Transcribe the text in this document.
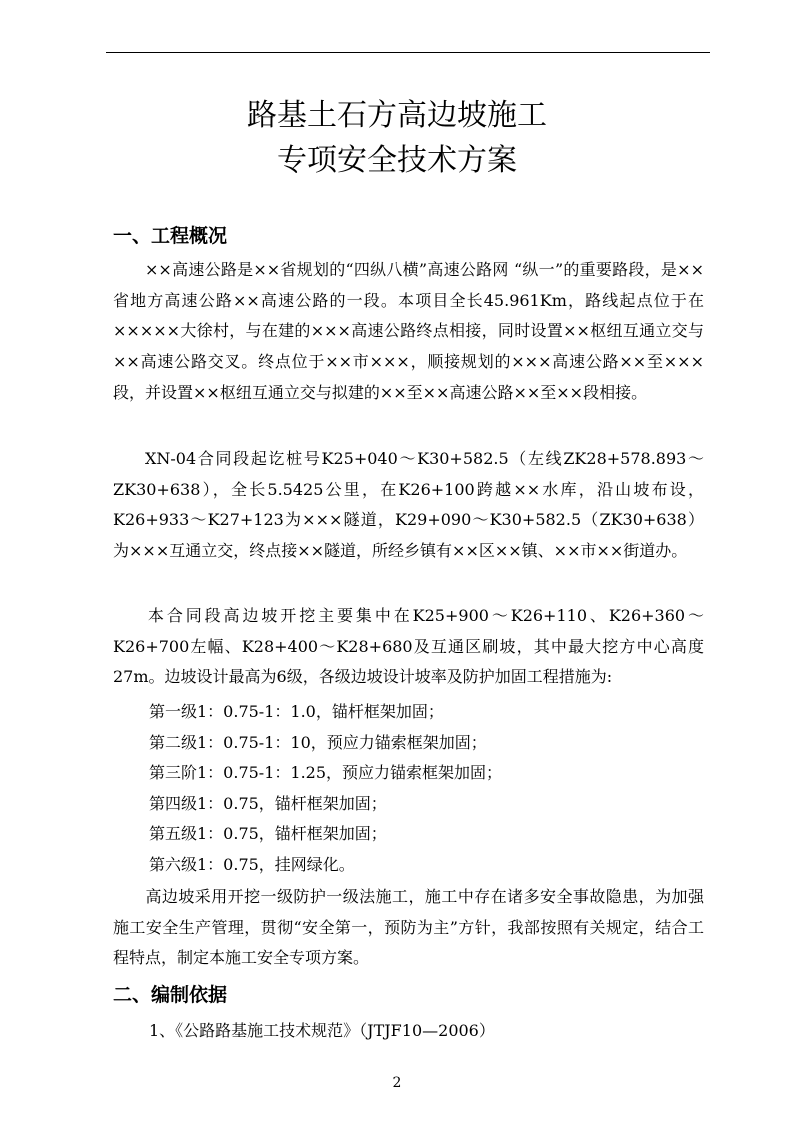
路基土石方高边坡施工
专项安全技术方案
一、工程概况

××高速公路是××省规划的“四纵八横”高速公路网 “纵一”的重要路段，是××省地方高速公路××高速公路的一段。本项目全长45.961Km，路线起点位于在×××××大徐村，与在建的×××高速公路终点相接，同时设置××枢纽互通立交与××高速公路交叉。终点位于××市×××，顺接规划的×××高速公路××至×××段，并设置××枢纽互通立交与拟建的××至××高速公路××至××段相接。

XN-04合同段起讫桩号K25+040～K30+582.5（左线ZK28+578.893～ZK30+638），全长5.5425公里，在K26+100跨越××水库，沿山坡布设，K26+933～K27+123为×××隧道，K29+090～K30+582.5（ZK30+638）为×××互通立交，终点接××隧道，所经乡镇有××区××镇、××市××街道办。

本合同段高边坡开挖主要集中在K25+900～K26+110、K26+360～K26+700左幅、K28+400～K28+680及互通区刷坡，其中最大挖方中心高度27m。边坡设计最高为6级，各级边坡设计坡率及防护加固工程措施为:

第一级1：0.75-1：1.0，锚杆框架加固；
第二级1：0.75-1：10，预应力锚索框架加固；
第三阶1：0.75-1：1.25，预应力锚索框架加固；
第四级1：0.75，锚杆框架加固；
第五级1：0.75，锚杆框架加固；
第六级1：0.75，挂网绿化。

高边坡采用开挖一级防护一级法施工，施工中存在诸多安全事故隐患，为加强施工安全生产管理，贯彻“安全第一，预防为主”方针，我部按照有关规定，结合工程特点，制定本施工安全专项方案。

二、编制依据
1、《公路路基施工技术规范》（JTJF10—2006）
2
